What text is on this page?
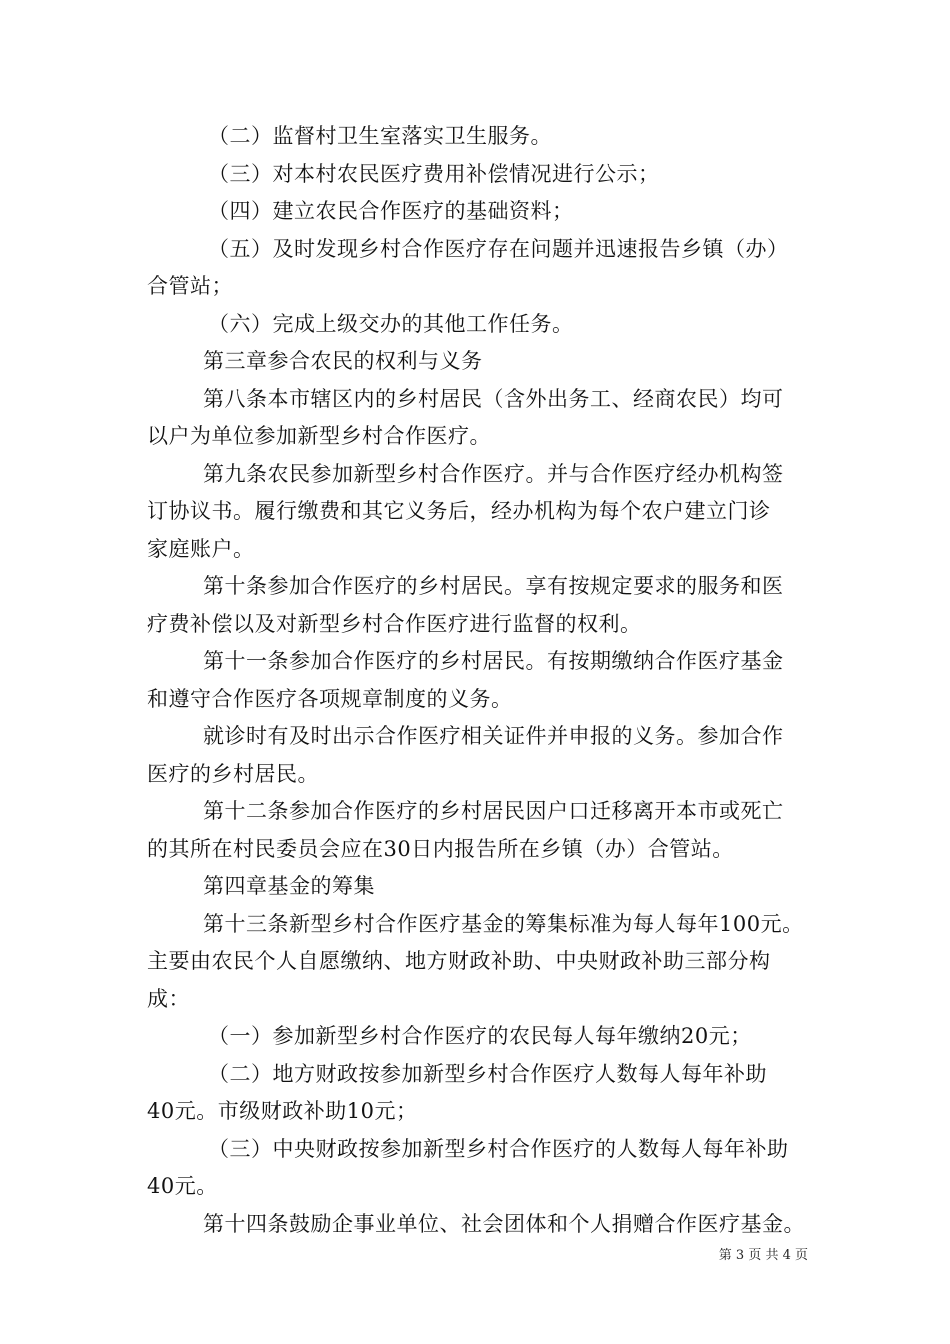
（二）监督村卫生室落实卫生服务。
（三）对本村农民医疗费用补偿情况进行公示；
（四）建立农民合作医疗的基础资料；
（五）及时发现乡村合作医疗存在问题并迅速报告乡镇（办）
合管站；
（六）完成上级交办的其他工作任务。
第三章参合农民的权利与义务
第八条本市辖区内的乡村居民（含外出务工、经商农民）均可
以户为单位参加新型乡村合作医疗。
第九条农民参加新型乡村合作医疗。并与合作医疗经办机构签
订协议书。履行缴费和其它义务后，经办机构为每个农户建立门诊
家庭账户。
第十条参加合作医疗的乡村居民。享有按规定要求的服务和医
疗费补偿以及对新型乡村合作医疗进行监督的权利。
第十一条参加合作医疗的乡村居民。有按期缴纳合作医疗基金
和遵守合作医疗各项规章制度的义务。
就诊时有及时出示合作医疗相关证件并申报的义务。参加合作
医疗的乡村居民。
第十二条参加合作医疗的乡村居民因户口迁移离开本市或死亡
的其所在村民委员会应在30日内报告所在乡镇（办）合管站。
第四章基金的筹集
第十三条新型乡村合作医疗基金的筹集标准为每人每年100元。
主要由农民个人自愿缴纳、地方财政补助、中央财政补助三部分构
成：
（一）参加新型乡村合作医疗的农民每人每年缴纳20元；
（二）地方财政按参加新型乡村合作医疗人数每人每年补助
40元。市级财政补助10元；
（三）中央财政按参加新型乡村合作医疗的人数每人每年补助
40元。
第十四条鼓励企事业单位、社会团体和个人捐赠合作医疗基金。
第 3 页 共 4 页
